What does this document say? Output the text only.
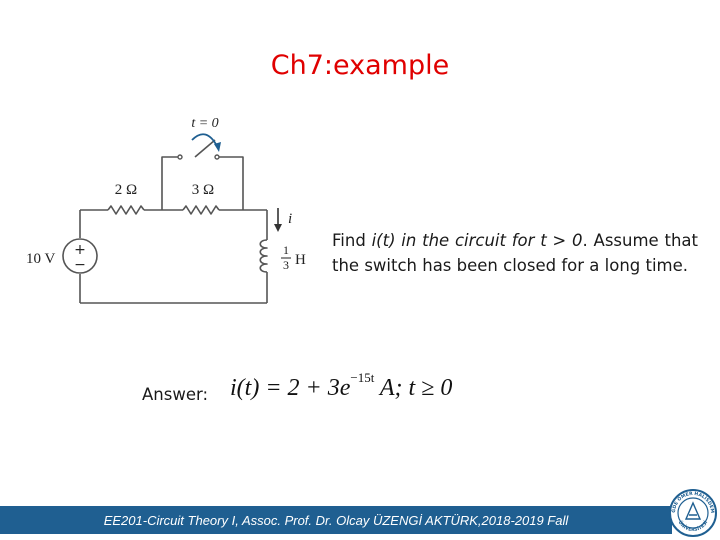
Ch7:example
+
−
t = 0
2 Ω	3 Ω
10 V
i
1
3 H
Find i(t) in the circuit for t > 0. Assume that the switch has been closed for a long time.
Answer: $i(t) = 2 + 3e^{-15t}$ A; t ≥ 0
EE201-Circuit Theory I, Assoc. Prof. Dr. Olcay ÜZENGİ AKTÜRK,2018-2019 Fall
ĞDE ÖMER HALİSDEM
ÜNİVERSİTESİ
